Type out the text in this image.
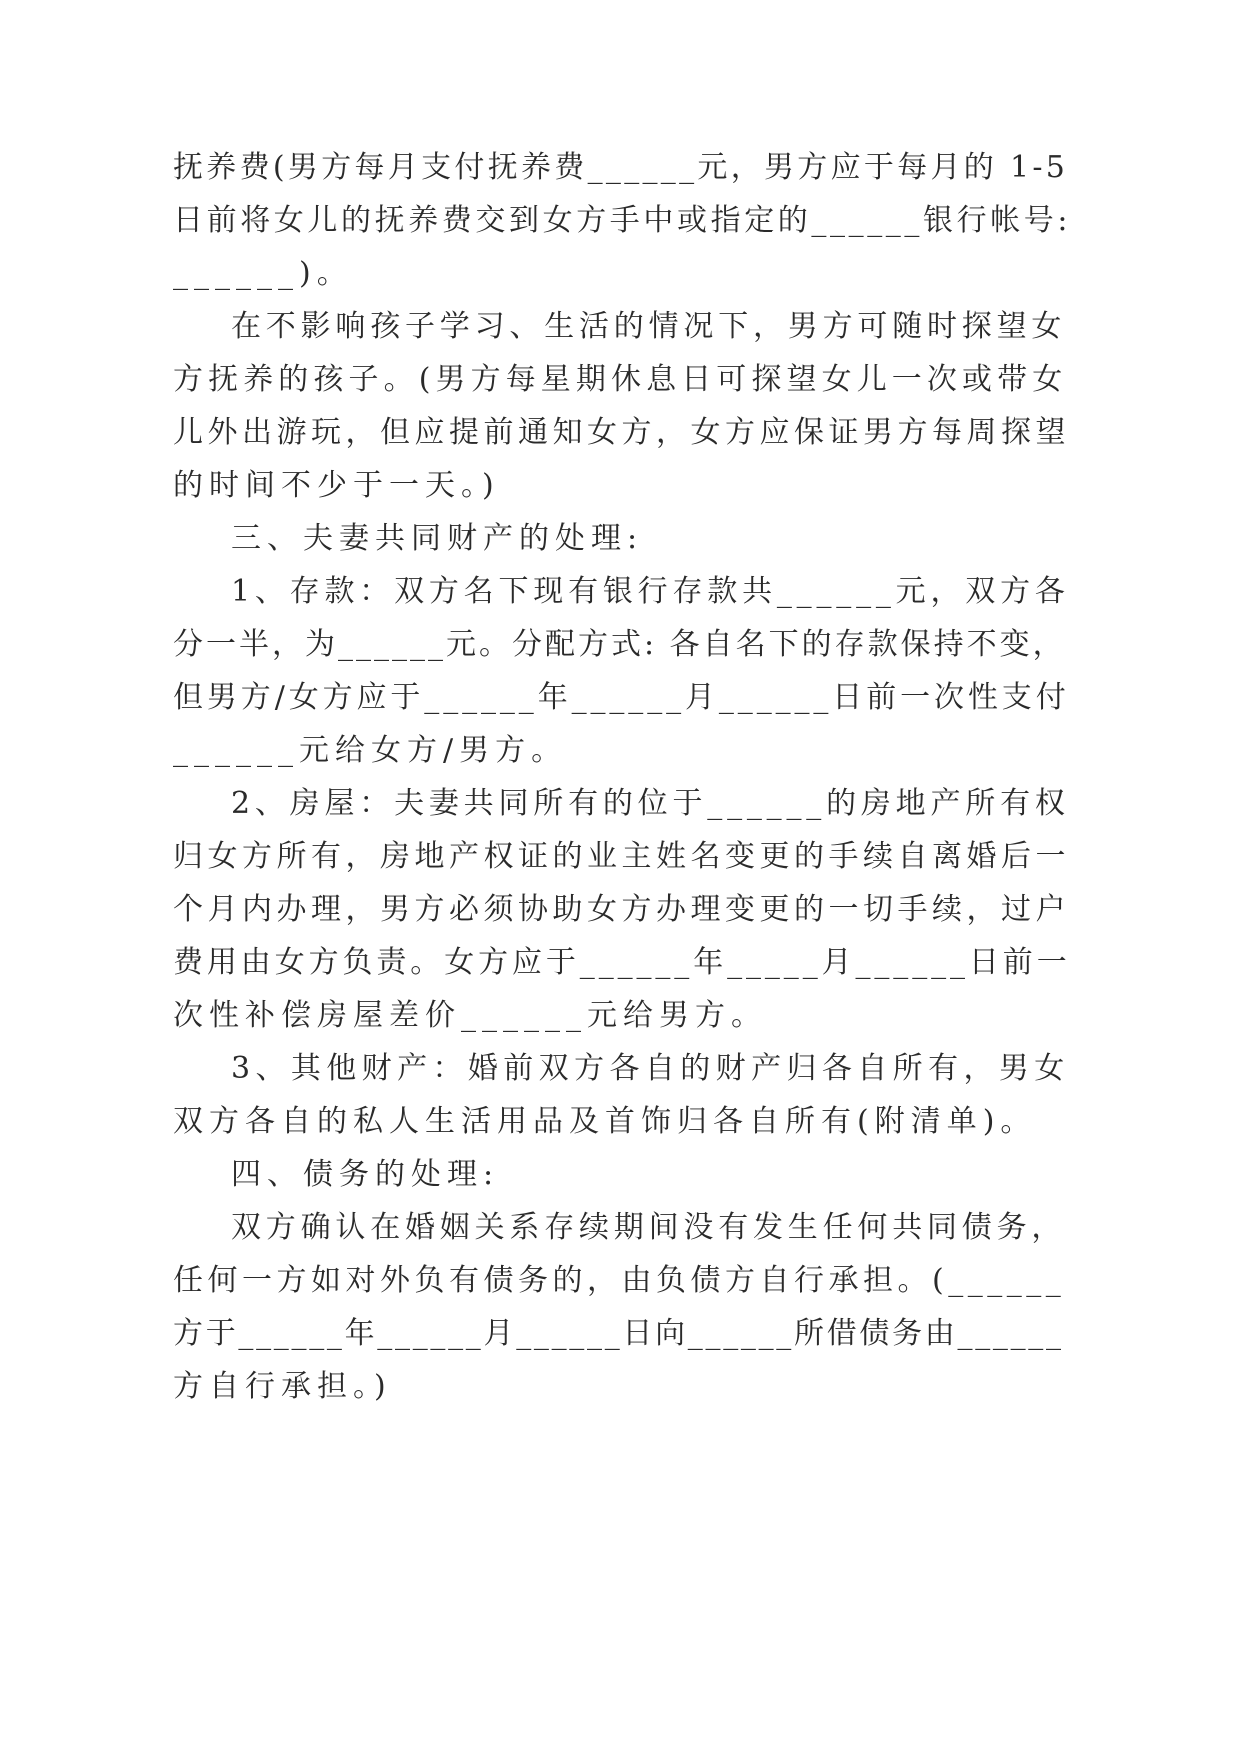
抚养费(男方每月支付抚养费______元，男方应于每月的 1-5
日前将女儿的抚养费交到女方手中或指定的______银行帐号:
______)。
在不影响孩子学习、生活的情况下，男方可随时探望女
方抚养的孩子。(男方每星期休息日可探望女儿一次或带女
儿外出游玩，但应提前通知女方，女方应保证男方每周探望
的时间不少于一天。)
三、夫妻共同财产的处理:
1、存款：双方名下现有银行存款共______元，双方各
分一半，为______元。分配方式: 各自名下的存款保持不变，
但男方/女方应于______年______月______日前一次性支付
______元给女方/男方。
2、房屋：夫妻共同所有的位于______的房地产所有权
归女方所有，房地产权证的业主姓名变更的手续自离婚后一
个月内办理，男方必须协助女方办理变更的一切手续，过户
费用由女方负责。女方应于______年_____月______日前一
次性补偿房屋差价______元给男方。
3、其他财产：婚前双方各自的财产归各自所有，男女
双方各自的私人生活用品及首饰归各自所有(附清单)。
四、债务的处理:
双方确认在婚姻关系存续期间没有发生任何共同债务，
任何一方如对外负有债务的，由负债方自行承担。(______
方于______年______月______日向______所借债务由______
方自行承担。)
